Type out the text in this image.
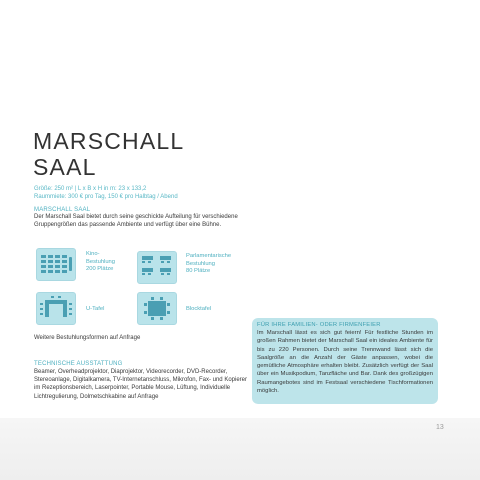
13
MARSCHALL
SAAL
Größe: 250 m² | L x B x H in m: 23 x 133,2
Raummiete: 300 € pro Tag, 150 € pro Halbtag / Abend
MARSCHALL SAAL

Der Marschall Saal bietet durch seine geschickte Aufteilung für verschiedene Gruppengrößen das passende Ambiente und verfügt über eine Bühne.

Kino-
Bestuhlung
200 Plätze
Parlamentarische
Bestuhlung
80 Plätze
U-Tafel	Blocktafel
Weitere Bestuhlungsformen auf Anfrage
TECHNISCHE AUSSTATTUNG

Beamer, Overheadprojektor, Diaprojektor, Videorecorder, DVD-Recorder, Stereoanlage, Digitalkamera, TV-Internetanschluss, Mikrofon, Fax- und Kopierer im Rezeptionsbereich, Laserpointer, Portable Mouse, Lüftung, Individuelle Lichtregulierung, Dolmetschkabine auf Anfrage

FÜR IHRE FAMILIEN- ODER FIRMENFEIER

Im Marschall lässt es sich gut feiern! Für festliche Stunden im großen Rahmen bietet der Marschall Saal ein ideales Ambiente für bis zu 220 Personen. Durch seine Trennwand lässt sich die Saalgröße an die Anzahl der Gäste anpassen, wobei die gemütliche Atmosphäre erhalten bleibt. Zusätzlich verfügt der Saal über ein Musikpodium, Tanzfläche und Bar. Dank des großzügigen Raumangebotes sind im Festsaal verschiedene Tischformationen möglich.
